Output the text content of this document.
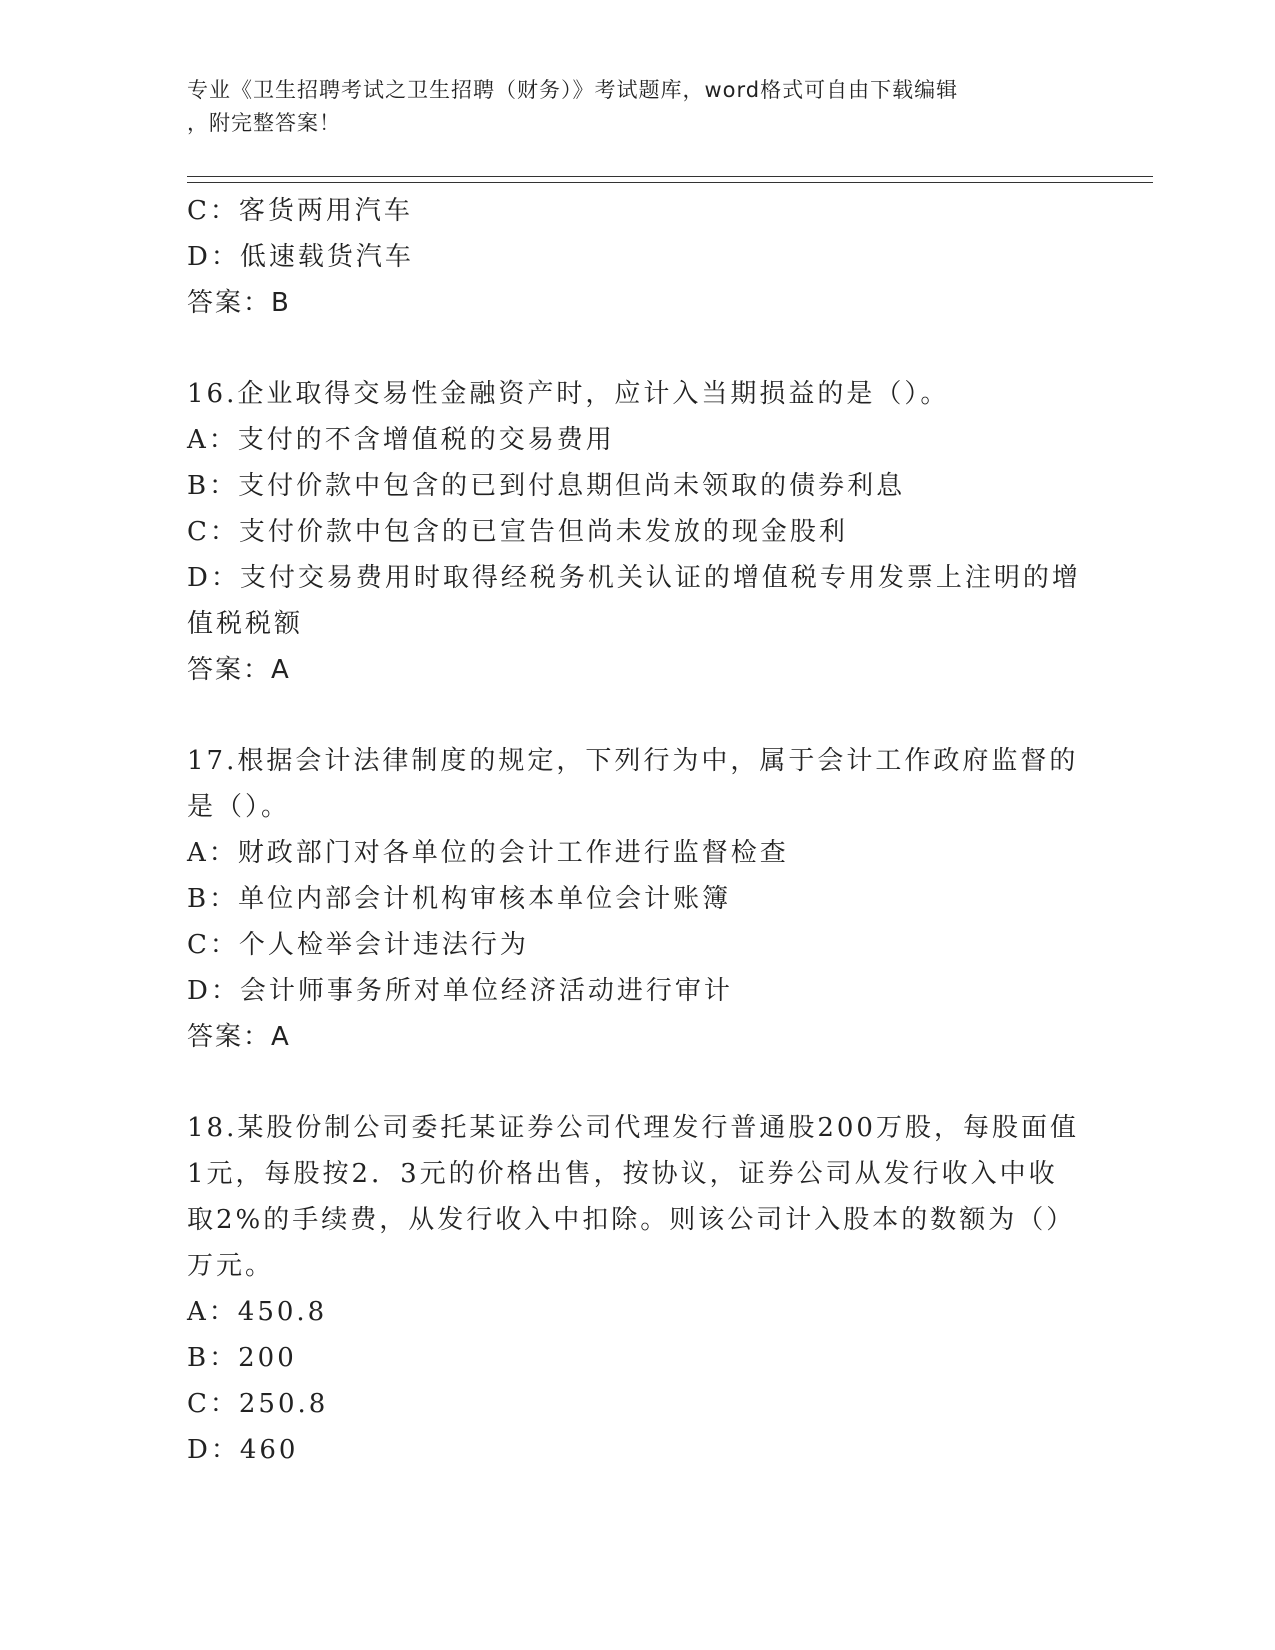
专业《卫生招聘考试之卫生招聘（财务）》考试题库，word格式可自由下载编辑
，附完整答案！
C：客货两用汽车
D：低速载货汽车
答案：B
16.企业取得交易性金融资产时，应计入当期损益的是（）。
A：支付的不含增值税的交易费用
B：支付价款中包含的已到付息期但尚未领取的债券利息
C：支付价款中包含的已宣告但尚未发放的现金股利
D：支付交易费用时取得经税务机关认证的增值税专用发票上注明的增
值税税额
答案：A
17.根据会计法律制度的规定，下列行为中，属于会计工作政府监督的
是（）。
A：财政部门对各单位的会计工作进行监督检查
B：单位内部会计机构审核本单位会计账簿
C：个人检举会计违法行为
D：会计师事务所对单位经济活动进行审计
答案：A
18.某股份制公司委托某证券公司代理发行普通股200万股，每股面值
1元，每股按2．3元的价格出售，按协议，证券公司从发行收入中收
取2%的手续费，从发行收入中扣除。则该公司计入股本的数额为（）
万元。
A：450.8
B：200
C：250.8
D：460
